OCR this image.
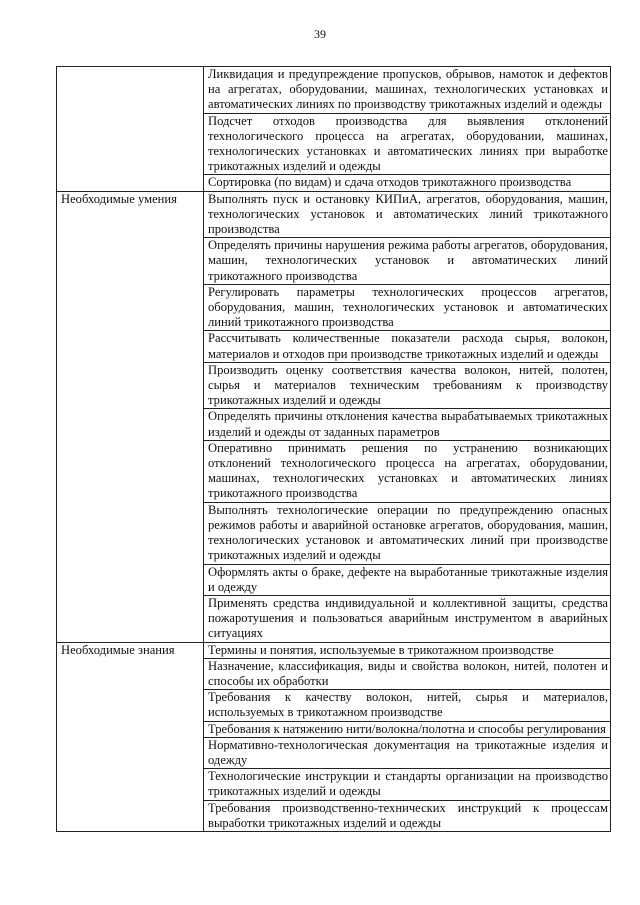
39
	Ликвидация и предупреждение пропусков, обрывов, намоток и дефектов на агрегатах, оборудовании, машинах, технологических установках и автоматических линиях по производству трикотажных изделий и одежды
	Подсчет отходов производства для выявления отклонений технологического процесса на агрегатах, оборудовании, машинах, технологических установках и автоматических линиях при выработке трикотажных изделий и одежды
	Сортировка (по видам) и сдача отходов трикотажного производства
Необходимые умения	Выполнять пуск и остановку КИПиА, агрегатов, оборудования, машин, технологических установок и автоматических линий трикотажного производства
	Определять причины нарушения режима работы агрегатов, оборудования, машин, технологических установок и автоматических линий трикотажного производства
	Регулировать параметры технологических процессов агрегатов, оборудования, машин, технологических установок и автоматических линий трикотажного производства
	Рассчитывать количественные показатели расхода сырья, волокон, материалов и отходов при производстве трикотажных изделий и одежды
	Производить оценку соответствия качества волокон, нитей, полотен, сырья и материалов техническим требованиям к производству трикотажных изделий и одежды
	Определять причины отклонения качества вырабатываемых трикотажных изделий и одежды от заданных параметров
	Оперативно принимать решения по устранению возникающих отклонений технологического процесса на агрегатах, оборудовании, машинах, технологических установках и автоматических линиях трикотажного производства
	Выполнять технологические операции по предупреждению опасных режимов работы и аварийной остановке агрегатов, оборудования, машин, технологических установок и автоматических линий при производстве трикотажных изделий и одежды
	Оформлять акты о браке, дефекте на выработанные трикотажные изделия и одежду
	Применять средства индивидуальной и коллективной защиты, средства пожаротушения и пользоваться аварийным инструментом в аварийных ситуациях
Необходимые знания	Термины и понятия, используемые в трикотажном производстве
	Назначение, классификация, виды и свойства волокон, нитей, полотен и способы их обработки
	Требования к качеству волокон, нитей, сырья и материалов, используемых в трикотажном производстве
	Требования к натяжению нити/волокна/полотна и способы регулирования
	Нормативно-технологическая документация на трикотажные изделия и одежду
	Технологические инструкции и стандарты организации на производство трикотажных изделий и одежды
	Требования производственно-технических инструкций к процессам выработки трикотажных изделий и одежды
